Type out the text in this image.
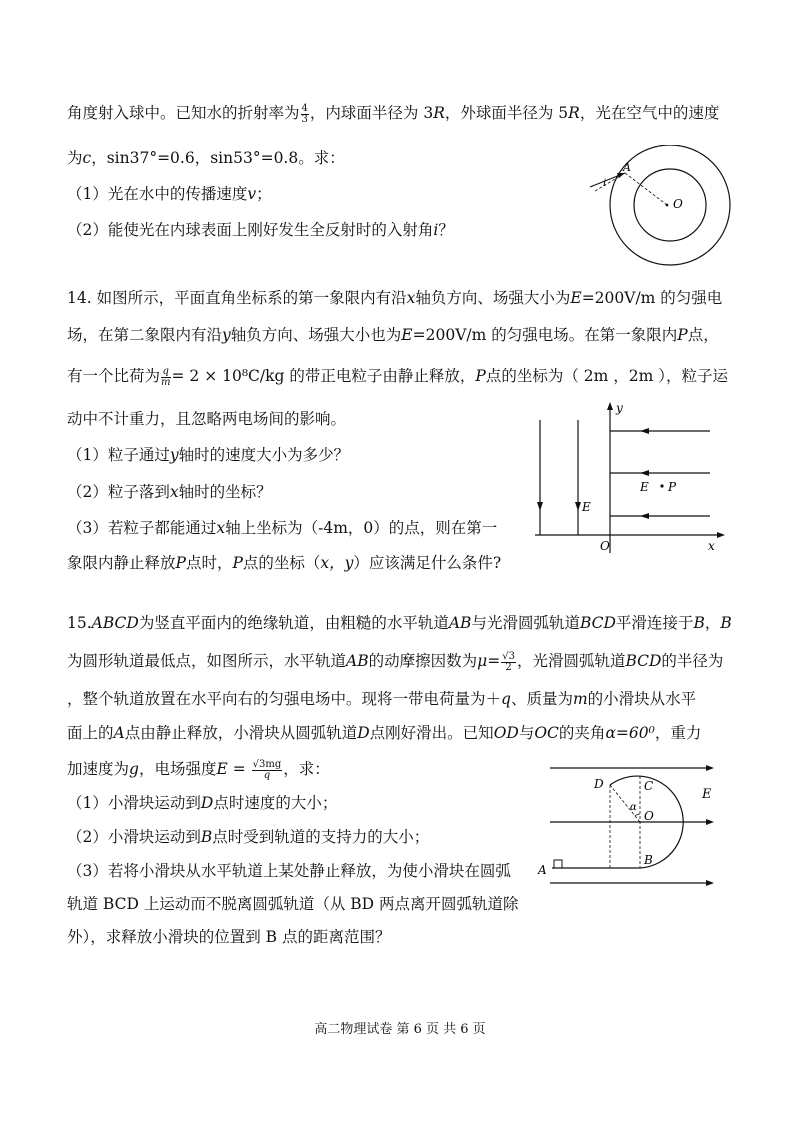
角度射入球中。已知水的折射率为 $\frac{4}{3}$ ，内球面半径为 3R，外球面半径为 5R，光在空气中的速度
为c，sin37°=0.6，sin53°=0.8。求：
（1）光在水中的传播速度v；
（2）能使光在内球表面上刚好发生全反射时的入射角i？
A
i
O
14. 如图所示，平面直角坐标系的第一象限内有沿x轴负方向、场强大小为E=200V/m 的匀强电
场，在第二象限内有沿y轴负方向、场强大小也为E=200V/m 的匀强电场。在第一象限内P点，
有一个比荷为 $\frac{q}{m} = 2 \times 10^8C/kg$ 的带正电粒子由静止释放，P点的坐标为（ 2m ，2m ），粒子运
动中不计重力，且忽略两电场间的影响。
（1）粒子通过y轴时的速度大小为多少？
（2）粒子落到x轴时的坐标？
（3）若粒子都能通过x轴上坐标为（-4m，0）的点，则在第一
象限内静止释放P点时，P点的坐标（x，y）应该满足什么条件?
y
x
O
E
E P
15.ABCD为竖直平面内的绝缘轨道，由粗糙的水平轨道AB与光滑圆弧轨道BCD平滑连接于B，B
为圆形轨道最低点，如图所示，水平轨道AB的动摩擦因数为$\mu= \frac{√3}{2}$ ，光滑圆弧轨道BCD的半径为
，整个轨道放置在水平向右的匀强电场中。现将一带电荷量为＋q、质量为m的小滑块从水平
面上的A点由静止释放，小滑块从圆弧轨道D点刚好滑出。已知OD与OC的夹角α=60⁰，重力
加速度为g，电场强度$E = \frac{√3mg}{q}$ ，求：
（1）小滑块运动到D点时速度的大小；
（2）小滑块运动到B点时受到轨道的支持力的大小；
（3）若将小滑块从水平轨道上某处静止释放，为使小滑块在圆弧
轨道 BCD 上运动而不脱离圆弧轨道（从 BD 两点离开圆弧轨道除
外），求释放小滑块的位置到 B 点的距离范围？
D	C
α
O
B
A
E
高二物理试卷 第 6 页 共 6 页
